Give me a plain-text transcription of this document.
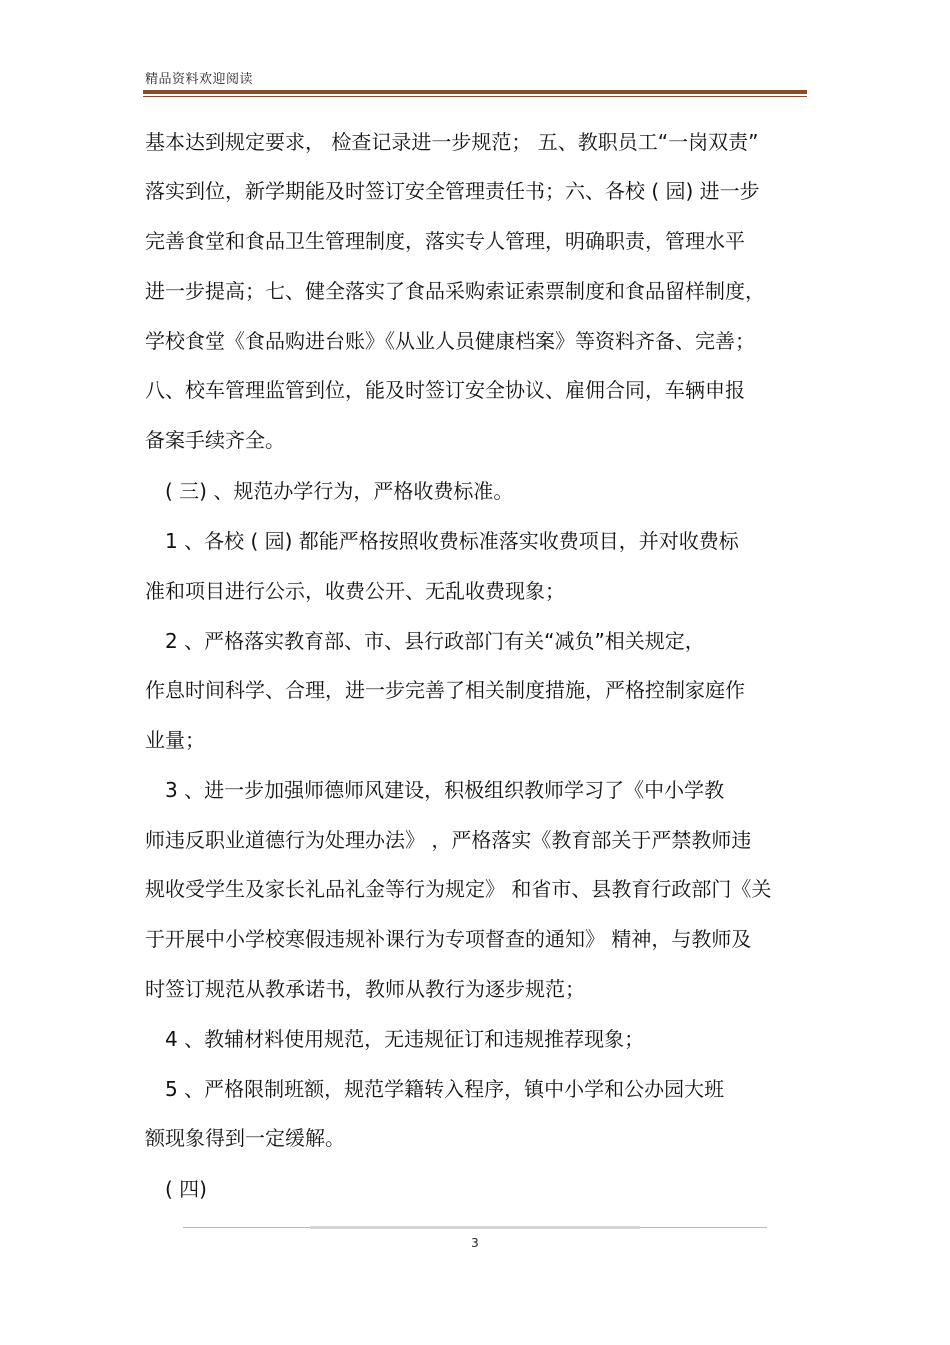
精品资料欢迎阅读
基本达到规定要求， 检查记录进一步规范； 五、教职员工“一岗双责”
落实到位，新学期能及时签订安全管理责任书；六、各校 ( 园) 进一步
完善食堂和食品卫生管理制度，落实专人管理，明确职责，管理水平
进一步提高；七、健全落实了食品采购索证索票制度和食品留样制度，
学校食堂《食品购进台账》《从业人员健康档案》等资料齐备、完善；
八、校车管理监管到位，能及时签订安全协议、雇佣合同，车辆申报
备案手续齐全。
( 三) 、规范办学行为，严格收费标准。
1 、各校 ( 园) 都能严格按照收费标准落实收费项目，并对收费标
准和项目进行公示，收费公开、无乱收费现象；
2 、严格落实教育部、市、县行政部门有关“减负”相关规定，
作息时间科学、合理，进一步完善了相关制度措施，严格控制家庭作
业量；
3 、进一步加强师德师风建设，积极组织教师学习了《中小学教
师违反职业道德行为处理办法》 ，严格落实《教育部关于严禁教师违
规收受学生及家长礼品礼金等行为规定》 和省市、县教育行政部门《关
于开展中小学校寒假违规补课行为专项督查的通知》 精神，与教师及
时签订规范从教承诺书，教师从教行为逐步规范；
4 、教辅材料使用规范，无违规征订和违规推荐现象；
5 、严格限制班额，规范学籍转入程序，镇中小学和公办园大班
额现象得到一定缓解。
( 四)
3
